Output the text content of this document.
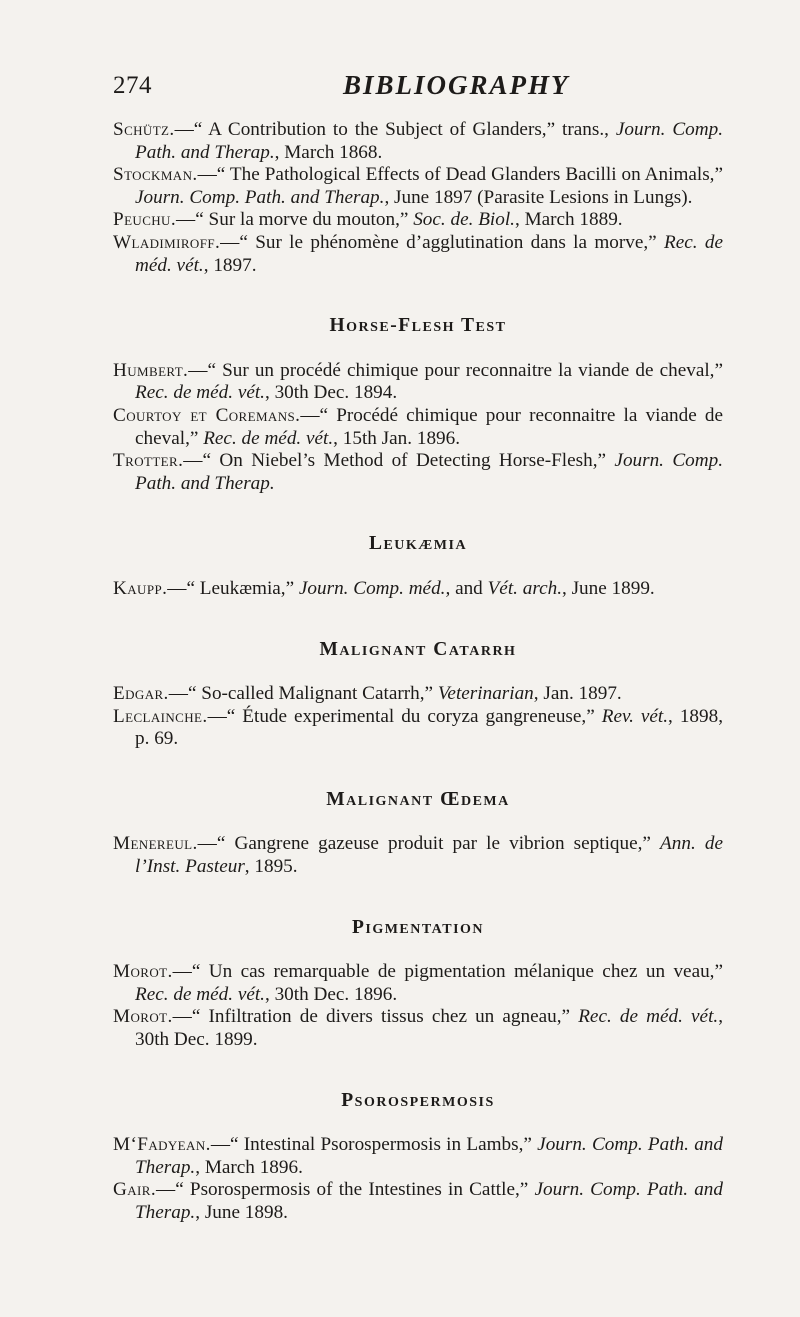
274	BIBLIOGRAPHY

Schütz.—“ A Contribution to the Subject of Glanders,” trans., Journ. Comp. Path. and Therap., March 1868.

Stockman.—“ The Pathological Effects of Dead Glanders Bacilli on Animals,” Journ. Comp. Path. and Therap., June 1897 (Parasite Lesions in Lungs).

Peuchu.—“ Sur la morve du mouton,” Soc. de. Biol., March 1889.

Wladimiroff.—“ Sur le phénomène d’agglutination dans la morve,” Rec. de méd. vét., 1897.

Horse-Flesh Test

Humbert.—“ Sur un procédé chimique pour reconnaitre la viande de cheval,” Rec. de méd. vét., 30th Dec. 1894.

Courtoy et Coremans.—“ Procédé chimique pour reconnaitre la viande de cheval,” Rec. de méd. vét., 15th Jan. 1896.

Trotter.—“ On Niebel’s Method of Detecting Horse-Flesh,” Journ. Comp. Path. and Therap.

Leukæmia

Kaupp.—“ Leukæmia,” Journ. Comp. méd., and Vét. arch., June 1899.

Malignant Catarrh

Edgar.—“ So-called Malignant Catarrh,” Veterinarian, Jan. 1897.

Leclainche.—“ Étude experimental du coryza gangreneuse,” Rev. vét., 1898, p. 69.

Malignant Œdema

Menereul.—“ Gangrene gazeuse produit par le vibrion septique,” Ann. de l’Inst. Pasteur, 1895.

Pigmentation

Morot.—“ Un cas remarquable de pigmentation mélanique chez un veau,” Rec. de méd. vét., 30th Dec. 1896.

Morot.—“ Infiltration de divers tissus chez un agneau,” Rec. de méd. vét., 30th Dec. 1899.

Psorospermosis

M‘Fadyean.—“ Intestinal Psorospermosis in Lambs,” Journ. Comp. Path. and Therap., March 1896.

Gair.—“ Psorospermosis of the Intestines in Cattle,” Journ. Comp. Path. and Therap., June 1898.
